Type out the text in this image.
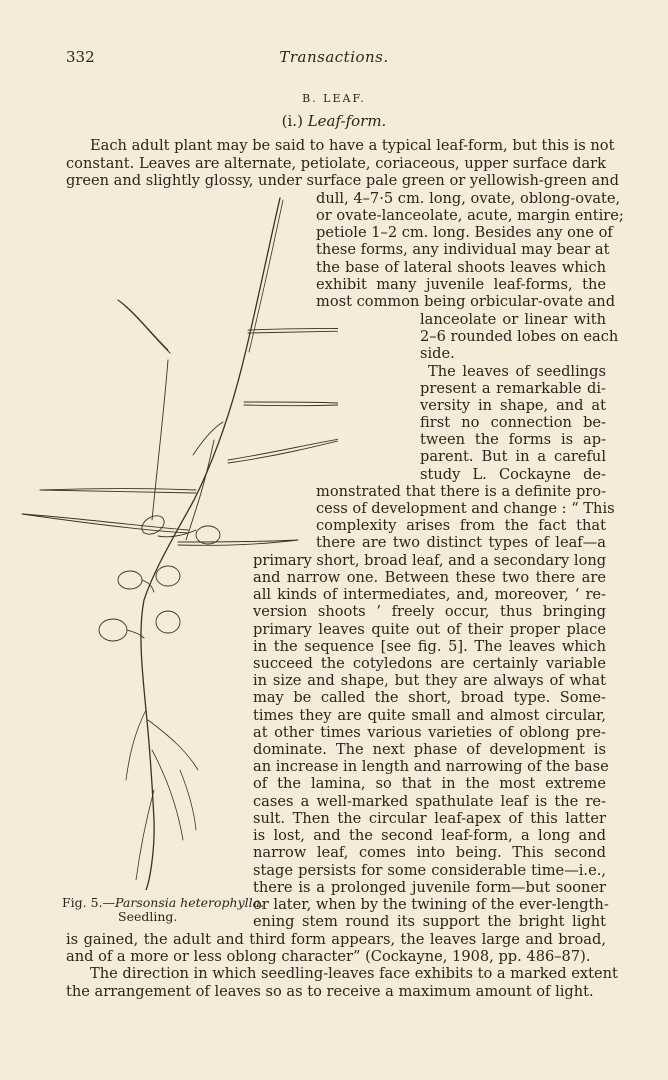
332	Transactions.
B. LEAF.
(i.) Leaf-form.
Each adult plant may be said to have a typical leaf-form, but this is not
constant. Leaves are alternate, petiolate, coriaceous, upper surface dark
green and slightly glossy, under surface pale green or yellowish-green and
dull, 4–7·5 cm. long, ovate, oblong-ovate,
or ovate-lanceolate, acute, margin entire;
petiole 1–2 cm. long. Besides any one of
these forms, any individual may bear at
the base of lateral shoots leaves which
exhibit many juvenile leaf-forms, the
most common being orbicular-ovate and
lanceolate or linear with
2–6 rounded lobes on each
side.
The leaves of seedlings
present a remarkable di-
versity in shape, and at
first no connection be-
tween the forms is ap-
parent. But in a careful
study L. Cockayne de-
monstrated that there is a definite pro-
cess of development and change : “ This
complexity arises from the fact that
there are two distinct types of leaf—a
primary short, broad leaf, and a secondary long
and narrow one. Between these two there are
all kinds of intermediates, and, moreover, ‘ re-
version shoots ’ freely occur, thus bringing
primary leaves quite out of their proper place
in the sequence [see fig. 5]. The leaves which
succeed the cotyledons are certainly variable
in size and shape, but they are always of what
may be called the short, broad type. Some-
times they are quite small and almost circular,
at other times various varieties of oblong pre-
dominate. The next phase of development is
an increase in length and narrowing of the base
of the lamina, so that in the most extreme
cases a well-marked spathulate leaf is the re-
sult. Then the circular leaf-apex of this latter
is lost, and the second leaf-form, a long and
narrow leaf, comes into being. This second
stage persists for some considerable time—i.e.,
there is a prolonged juvenile form—but sooner
or later, when by the twining of the ever-length-
ening stem round its support the bright light
is gained, the adult and third form appears, the leaves large and broad,
and of a more or less oblong character” (Cockayne, 1908, pp. 486–87).
The direction in which seedling-leaves face exhibits to a marked extent
the arrangement of leaves so as to receive a maximum amount of light.
Fig. 5.—Parsonsia heterophylla.
Seedling.
